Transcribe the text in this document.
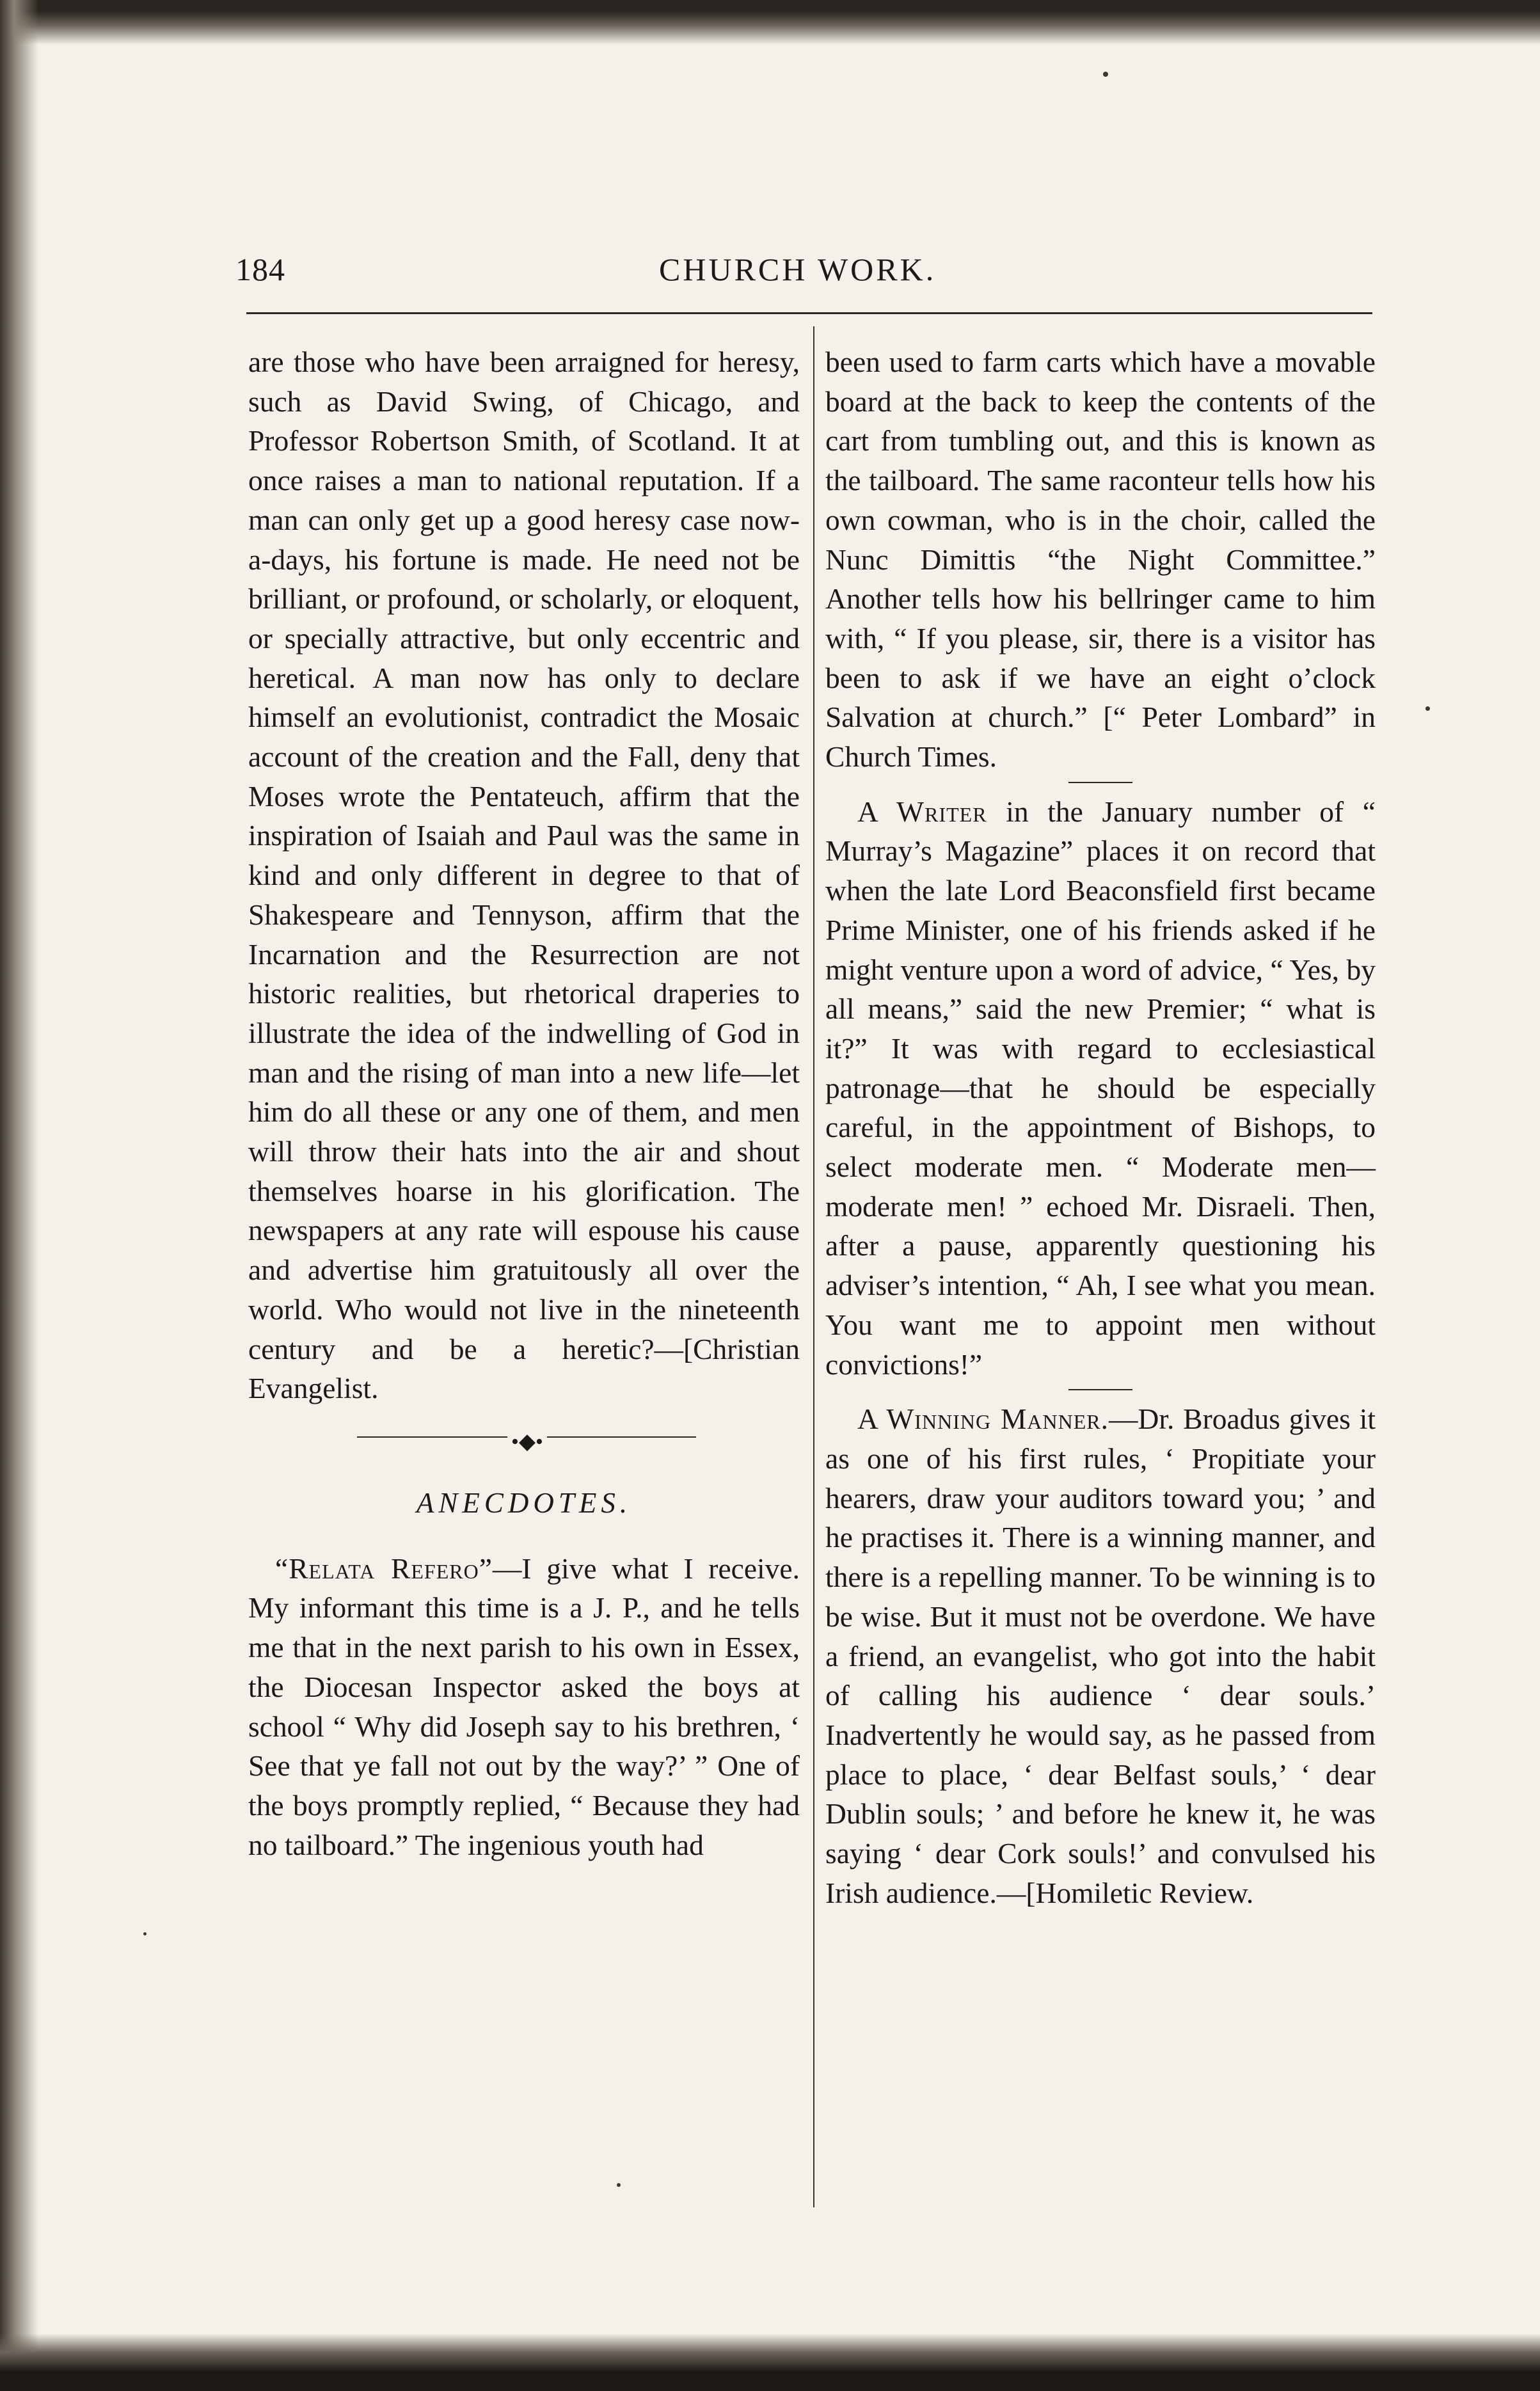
184	CHURCH WORK.

are those who have been arraigned for heresy, such as David Swing, of Chicago, and Professor Robertson Smith, of Scotland. It at once raises a man to national reputation. If a man can only get up a good heresy case now-a-days, his fortune is made. He need not be brilliant, or profound, or scholarly, or eloquent, or specially attractive, but only eccentric and heretical. A man now has only to declare himself an evolutionist, contradict the Mosaic account of the creation and the Fall, deny that Moses wrote the Pentateuch, affirm that the inspiration of Isaiah and Paul was the same in kind and only different in degree to that of Shakespeare and Tennyson, affirm that the Incarnation and the Resurrection are not historic realities, but rhetorical draperies to illustrate the idea of the indwelling of God in man and the rising of man into a new life—let him do all these or any one of them, and men will throw their hats into the air and shout themselves hoarse in his glorification. The newspapers at any rate will espouse his cause and advertise him gratuitously all over the world. Who would not live in the nineteenth century and be a heretic?—[Christian Evangelist.

•◆•
ANECDOTES.

“Relata Refero”—I give what I receive. My informant this time is a J. P., and he tells me that in the next parish to his own in Essex, the Diocesan Inspector asked the boys at school “ Why did Joseph say to his brethren, ‘ See that ye fall not out by the way?’ ” One of the boys promptly replied, “ Because they had no tailboard.” The ingenious youth had

been used to farm carts which have a movable board at the back to keep the contents of the cart from tumbling out, and this is known as the tailboard. The same raconteur tells how his own cowman, who is in the choir, called the Nunc Dimittis “the Night Committee.” Another tells how his bellringer came to him with, “ If you please, sir, there is a visitor has been to ask if we have an eight o’clock Salvation at church.” [“ Peter Lombard” in Church Times.

A Writer in the January number of “ Murray’s Magazine” places it on record that when the late Lord Beaconsfield first became Prime Minister, one of his friends asked if he might venture upon a word of advice, “ Yes, by all means,” said the new Premier; “ what is it?” It was with regard to ecclesiastical patronage—that he should be especially careful, in the appointment of Bishops, to select moderate men. “ Moderate men—moderate men! ” echoed Mr. Disraeli. Then, after a pause, apparently questioning his adviser’s intention, “ Ah, I see what you mean. You want me to appoint men without convictions!”

A Winning Manner.—Dr. Broadus gives it as one of his first rules, ‘ Propitiate your hearers, draw your auditors toward you; ’ and he practises it. There is a winning manner, and there is a repelling manner. To be winning is to be wise. But it must not be overdone. We have a friend, an evangelist, who got into the habit of calling his audience ‘ dear souls.’ Inadvertently he would say, as he passed from place to place, ‘ dear Belfast souls,’ ‘ dear Dublin souls; ’ and before he knew it, he was saying ‘ dear Cork souls!’ and convulsed his Irish audience.—[Homiletic Review.
